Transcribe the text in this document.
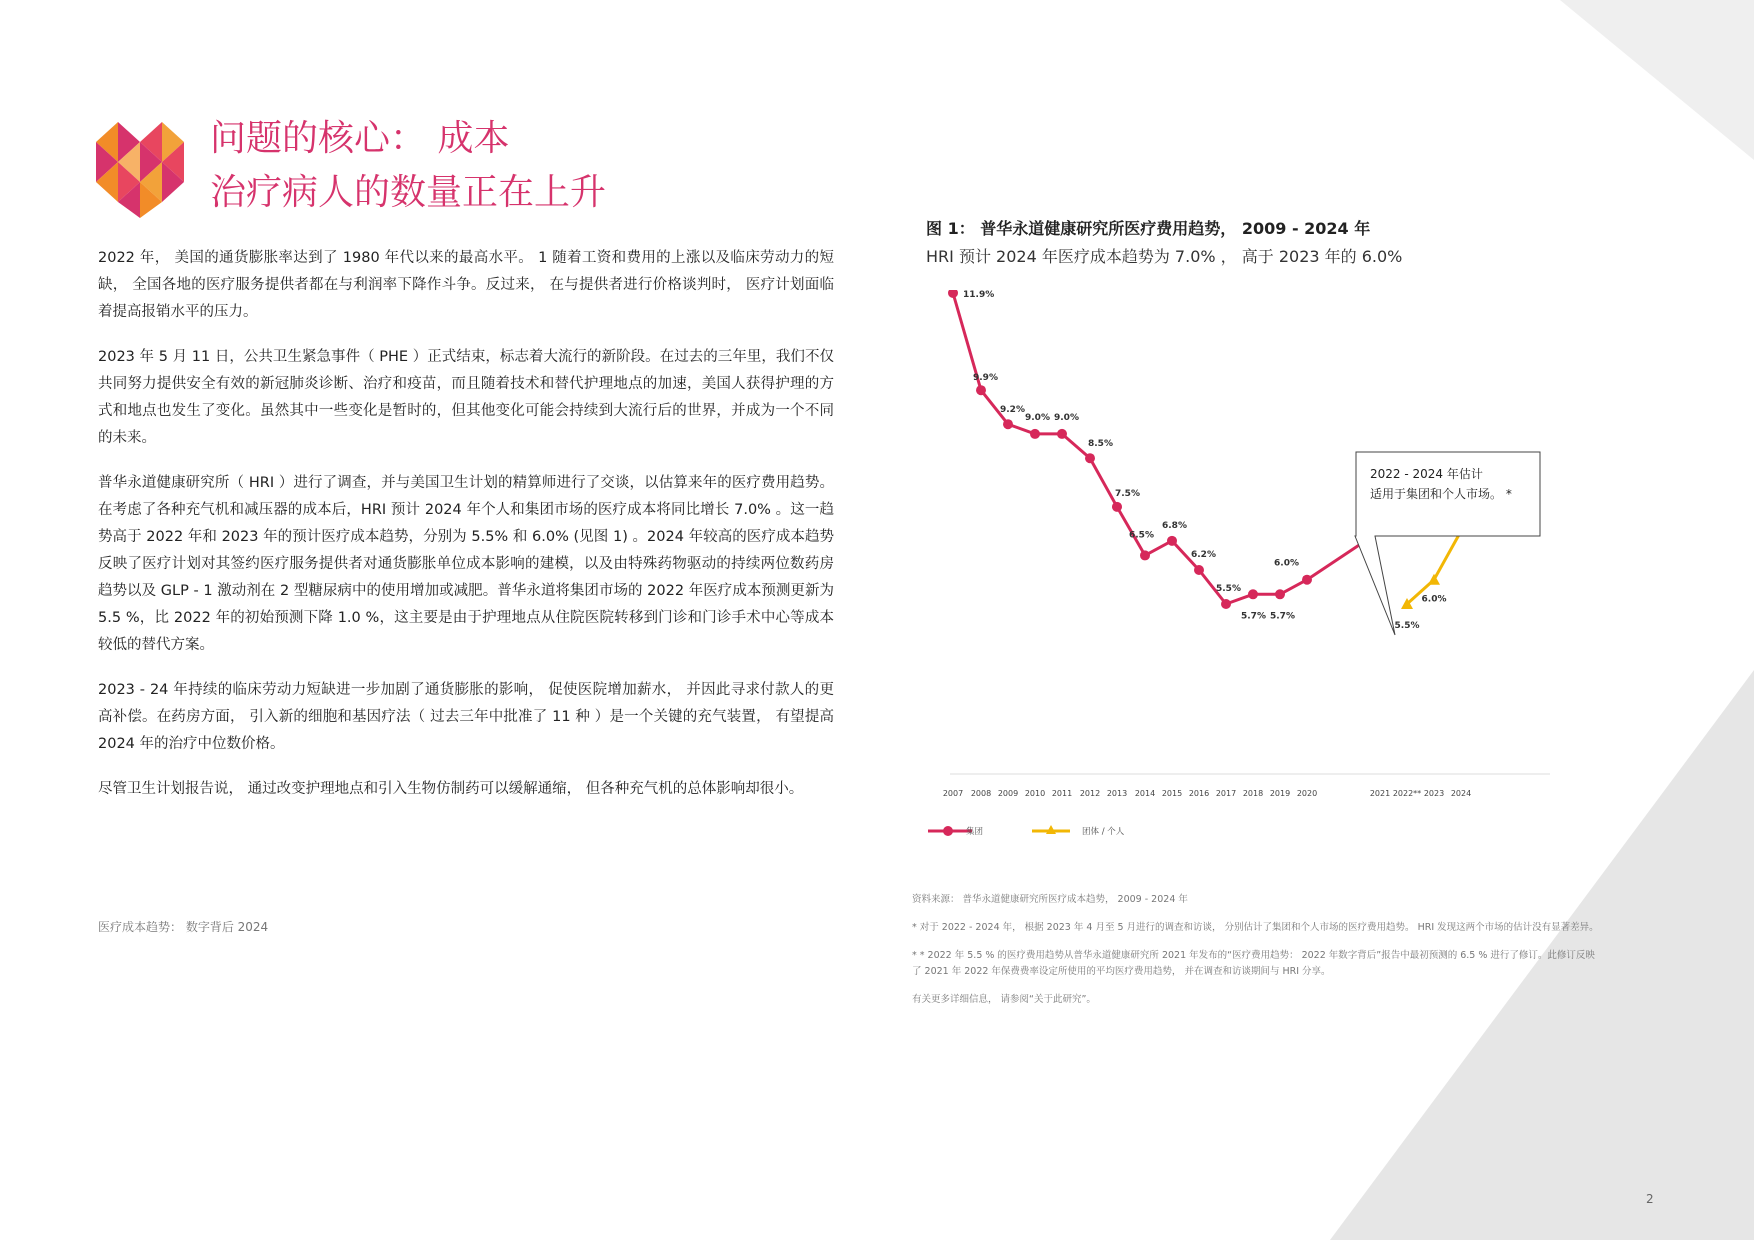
问题的核心： 成本
治疗病人的数量正在上升

2022 年， 美国的通货膨胀率达到了 1980 年代以来的最高水平。 1 随着工资和费用的上涨以及临床劳动力的短缺， 全国各地的医疗服务提供者都在与利润率下降作斗争。反过来， 在与提供者进行价格谈判时， 医疗计划面临着提高报销水平的压力。

2023 年 5 月 11 日，公共卫生紧急事件（ PHE ）正式结束，标志着大流行的新阶段。在过去的三年里，我们不仅共同努力提供安全有效的新冠肺炎诊断、治疗和疫苗，而且随着技术和替代护理地点的加速，美国人获得护理的方式和地点也发生了变化。虽然其中一些变化是暂时的，但其他变化可能会持续到大流行后的世界，并成为一个不同的未来。

普华永道健康研究所（ HRI ）进行了调查，并与美国卫生计划的精算师进行了交谈，以估算来年的医疗费用趋势。在考虑了各种充气机和减压器的成本后，HRI 预计 2024 年个人和集团市场的医疗成本将同比增长 7.0% 。这一趋势高于 2022 年和 2023 年的预计医疗成本趋势，分别为 5.5% 和 6.0% (见图 1) 。2024 年较高的医疗成本趋势反映了医疗计划对其签约医疗服务提供者对通货膨胀单位成本影响的建模，以及由特殊药物驱动的持续两位数药房趋势以及 GLP - 1 激动剂在 2 型糖尿病中的使用增加或减肥。普华永道将集团市场的 2022 年医疗成本预测更新为 5.5 %，比 2022 年的初始预测下降 1.0 %，这主要是由于护理地点从住院医院转移到门诊和门诊手术中心等成本较低的替代方案。

2023 - 24 年持续的临床劳动力短缺进一步加剧了通货膨胀的影响， 促使医院增加薪水， 并因此寻求付款人的更高补偿。在药房方面， 引入新的细胞和基因疗法（ 过去三年中批准了 11 种 ）是一个关键的充气装置， 有望提高 2024 年的治疗中位数价格。

尽管卫生计划报告说， 通过改变护理地点和引入生物仿制药可以缓解通缩， 但各种充气机的总体影响却很小。

医疗成本趋势： 数字背后 2024
图 1： 普华永道健康研究所医疗费用趋势， 2009 - 2024 年
HRI 预计 2024 年医疗成本趋势为 7.0% ， 高于 2023 年的 6.0%
2007 2008 2009 2010 2011 2012 2013 2014 2015 2016 2017 2018 2019 2020	2021 2022** 2023 2024
11.9%
9.9%
9.2%
9.0% 9.0%
8.5%
7.5%
6.5%
6.8%
6.2%
5.5%
5.7% 5.7%
6.0%
5.5%
6.0%
2022 - 2024 年估计
适用于集团和个人市场。 *
集团	团体 / 个人

资料来源： 普华永道健康研究所医疗成本趋势， 2009 - 2024 年

* 对于 2022 - 2024 年， 根据 2023 年 4 月至 5 月进行的调查和访谈， 分别估计了集团和个人市场的医疗费用趋势。 HRI 发现这两个市场的估计没有显著差异。

* * 2022 年 5.5 % 的医疗费用趋势从普华永道健康研究所 2021 年发布的“医疗费用趋势： 2022 年数字背后”报告中最初预测的 6.5 % 进行了修订。此修订反映了 2021 年 2022 年保费费率设定所使用的平均医疗费用趋势， 并在调查和访谈期间与 HRI 分享。

有关更多详细信息， 请参阅“关于此研究”。

2
